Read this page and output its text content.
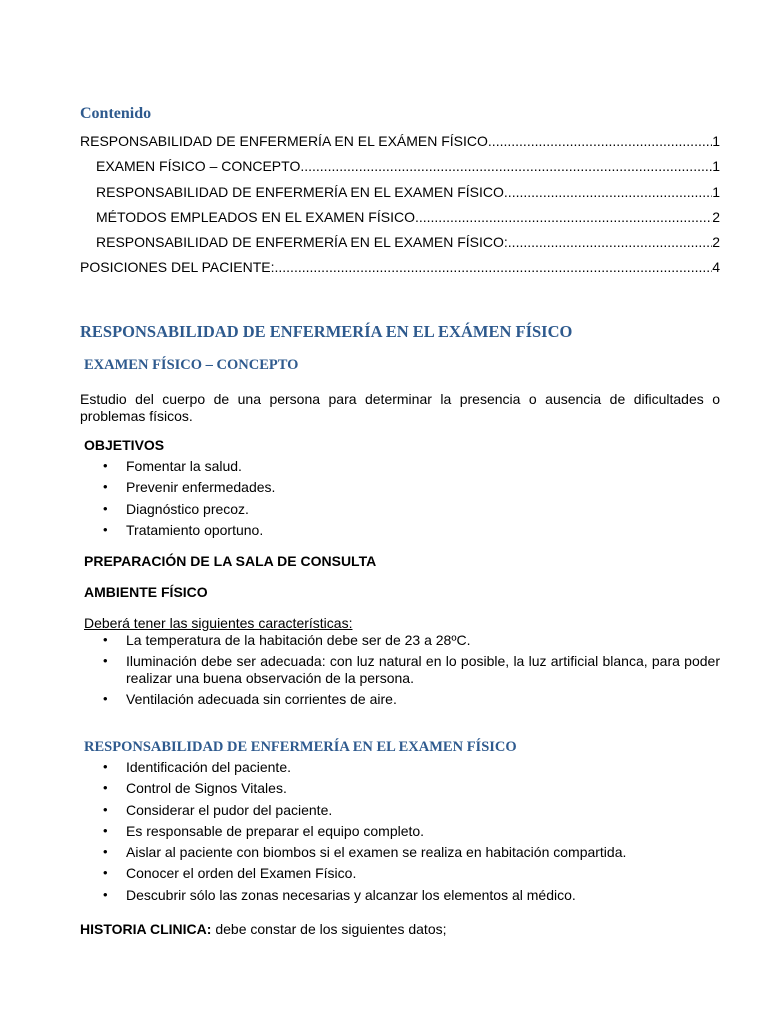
Contenido
RESPONSABILIDAD DE ENFERMERÍA EN EL EXÁMEN FÍSICO .....	1
EXAMEN FÍSICO – CONCEPTO .....	1
RESPONSABILIDAD DE ENFERMERÍA EN EL EXAMEN FÍSICO .....	1
MÉTODOS EMPLEADOS EN EL EXAMEN FÍSICO .....	2
RESPONSABILIDAD DE ENFERMERÍA EN EL EXAMEN FÍSICO: .....	2
POSICIONES DEL PACIENTE: .....	4
RESPONSABILIDAD DE ENFERMERÍA EN EL EXÁMEN FÍSICO
EXAMEN FÍSICO – CONCEPTO
Estudio del cuerpo de una persona para determinar la presencia o ausencia de dificultades o problemas físicos.
OBJETIVOS
• Fomentar la salud.
• Prevenir enfermedades.
• Diagnóstico precoz.
• Tratamiento oportuno.
PREPARACIÓN DE LA SALA DE CONSULTA
AMBIENTE FÍSICO
Deberá tener las siguientes características:
• La temperatura de la habitación debe ser de 23 a 28ºC.
• Iluminación debe ser adecuada: con luz natural en lo posible, la luz artificial blanca, para poder realizar una buena observación de la persona.
• Ventilación adecuada sin corrientes de aire.
RESPONSABILIDAD DE ENFERMERÍA EN EL EXAMEN FÍSICO
• Identificación del paciente.
• Control de Signos Vitales.
• Considerar el pudor del paciente.
• Es responsable de preparar el equipo completo.
• Aislar al paciente con biombos si el examen se realiza en habitación compartida.
• Conocer el orden del Examen Físico.
• Descubrir sólo las zonas necesarias y alcanzar los elementos al médico.
HISTORIA CLINICA: debe constar de los siguientes datos;
